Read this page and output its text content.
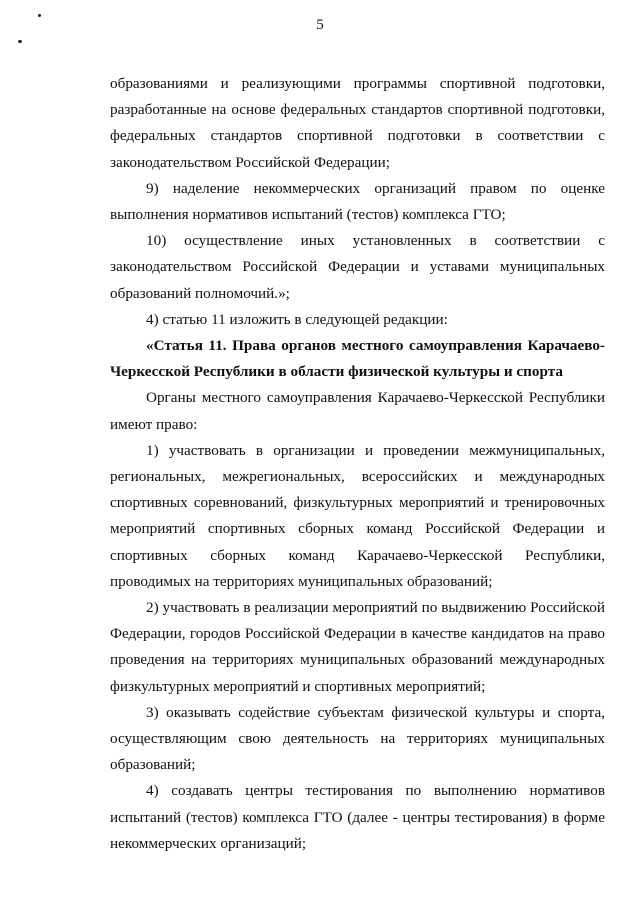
5

образованиями и реализующими программы спортивной подготовки, разработанные на основе федеральных стандартов спортивной подготовки, федеральных стандартов спортивной подготовки в соответствии с законодательством Российской Федерации;

9) наделение некоммерческих организаций правом по оценке выполнения нормативов испытаний (тестов) комплекса ГТО;

10) осуществление иных установленных в соответствии с законодательством Российской Федерации и уставами муниципальных образований полномочий.»;

4) статью 11 изложить в следующей редакции:

«Статья 11. Права органов местного самоуправления Карачаево-Черкесской Республики в области физической культуры и спорта

Органы местного самоуправления Карачаево-Черкесской Республики имеют право:

1) участвовать в организации и проведении межмуниципальных, региональных, межрегиональных, всероссийских и международных спортивных соревнований, физкультурных мероприятий и тренировочных мероприятий спортивных сборных команд Российской Федерации и спортивных сборных команд Карачаево-Черкесской Республики, проводимых на территориях муниципальных образований;

2) участвовать в реализации мероприятий по выдвижению Российской Федерации, городов Российской Федерации в качестве кандидатов на право проведения на территориях муниципальных образований международных физкультурных мероприятий и спортивных мероприятий;

3) оказывать содействие субъектам физической культуры и спорта, осуществляющим свою деятельность на территориях муниципальных образований;

4) создавать центры тестирования по выполнению нормативов испытаний (тестов) комплекса ГТО (далее - центры тестирования) в форме некоммерческих организаций;
